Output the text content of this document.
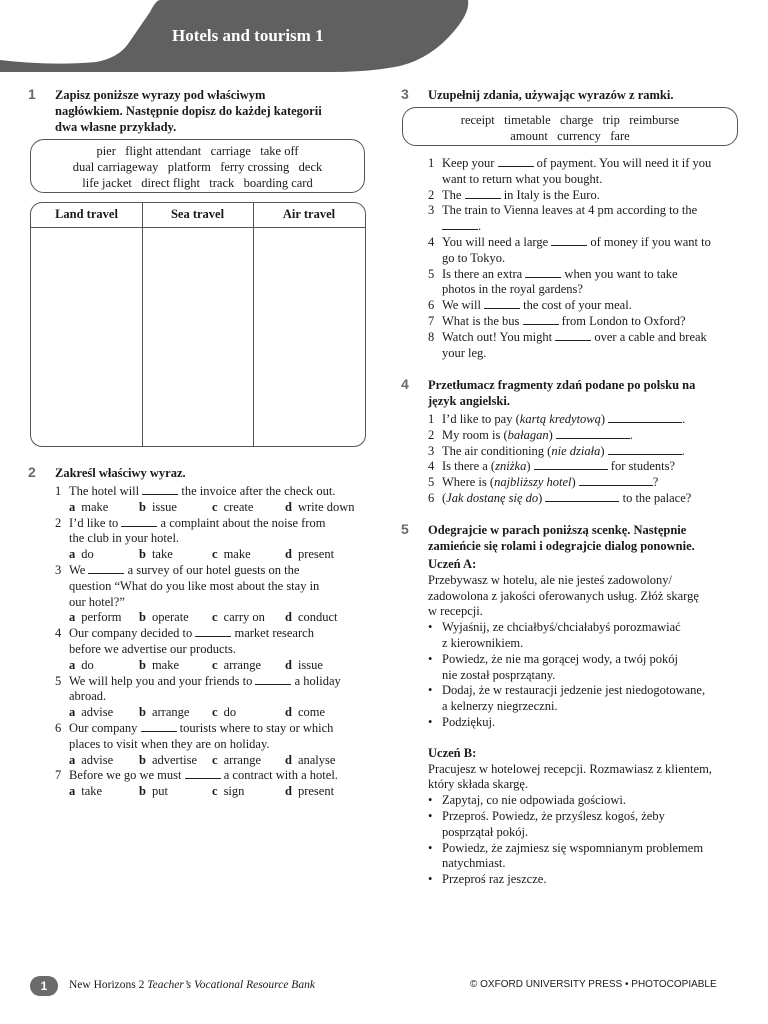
Hotels and tourism 1
1 Zapisz poniższe wyrazy pod właściwym
nagłówkiem. Następnie dopisz do każdej kategorii
dwa własne przykłady.
pier   flight attendant   carriage   take off
dual carriageway   platform   ferry crossing   deck
life jacket   direct flight   track   boarding card
Land travel	Sea travel	Air travel
2 Zakreśl właściwy wyraz.
3 Uzupełnij zdania, używając wyrazów z ramki.
receipt   timetable   charge   trip   reimburse
amount   currency   fare
4 Przetłumacz fragmenty zdań podane po polsku na
język angielski.
5 Odegrajcie w parach poniższą scenkę. Następnie
zamieńcie się rolami i odegrajcie dialog ponownie.
1	New Horizons 2 Teacher’s Vocational Resource Bank	© OXFORD UNIVERSITY PRESS • PHOTOCOPIABLE
1 The hotel will	the invoice after the check out.
a make b issue	c create	d write down
2 I’d like to	a complaint about the noise from
the club in your hotel.
a do	b take	c make	d present
3 We	a survey of our hotel guests on the
question “What do you like most about the stay in
our hotel?”
a perform b operate c carry on d conduct
4 Our company decided to	market research
before we advertise our products.
a do	b make	c arrange d issue
5 We will help you and your friends to	a holiday
abroad.
a advise b arrange c do	d come
6 Our company	tourists where to stay or which
places to visit when they are on holiday.
a advise b advertise c arrange d analyse
7 Before we go we must	a contract with a hotel.
a take	b put	c sign	d present
1 Keep your	of payment. You will need it if you
want to return what you bought.
2 The	in Italy is the Euro.
3 The train to Vienna leaves at 4 pm according to the
.
4 You will need a large	of money if you want to
go to Tokyo.
5 Is there an extra	when you want to take
photos in the royal gardens?
6 We will	the cost of your meal.
7 What is the bus	from London to Oxford?
8 Watch out! You might	over a cable and break
your leg.
1 I’d like to pay (kartą kredytową)	.
2 My room is (bałagan)	.
3 The air conditioning (nie działa)	.
4 Is there a (zniżka)	for students?
5 Where is (najbliższy hotel)	?
6 (Jak dostanę się do)	to the palace?
Uczeń A:
Przebywasz w hotelu, ale nie jesteś zadowolony/
zadowolona z jakości oferowanych usług. Złóż skargę
w recepcji.
• Wyjaśnij, ze chciałbyś/chciałabyś porozmawiać
z kierownikiem.
• Powiedz, że nie ma gorącej wody, a twój pokój
nie został posprzątany.
• Dodaj, że w restauracji jedzenie jest niedogotowane,
a kelnerzy niegrzeczni.
• Podziękuj.
Uczeń B:
Pracujesz w hotelowej recepcji. Rozmawiasz z klientem,
który składa skargę.
• Zapytaj, co nie odpowiada gościowi.
• Przeproś. Powiedz, że przyślesz kogoś, żeby
posprzątał pokój.
• Powiedz, że zajmiesz się wspomnianym problemem
natychmiast.
• Przeproś raz jeszcze.
